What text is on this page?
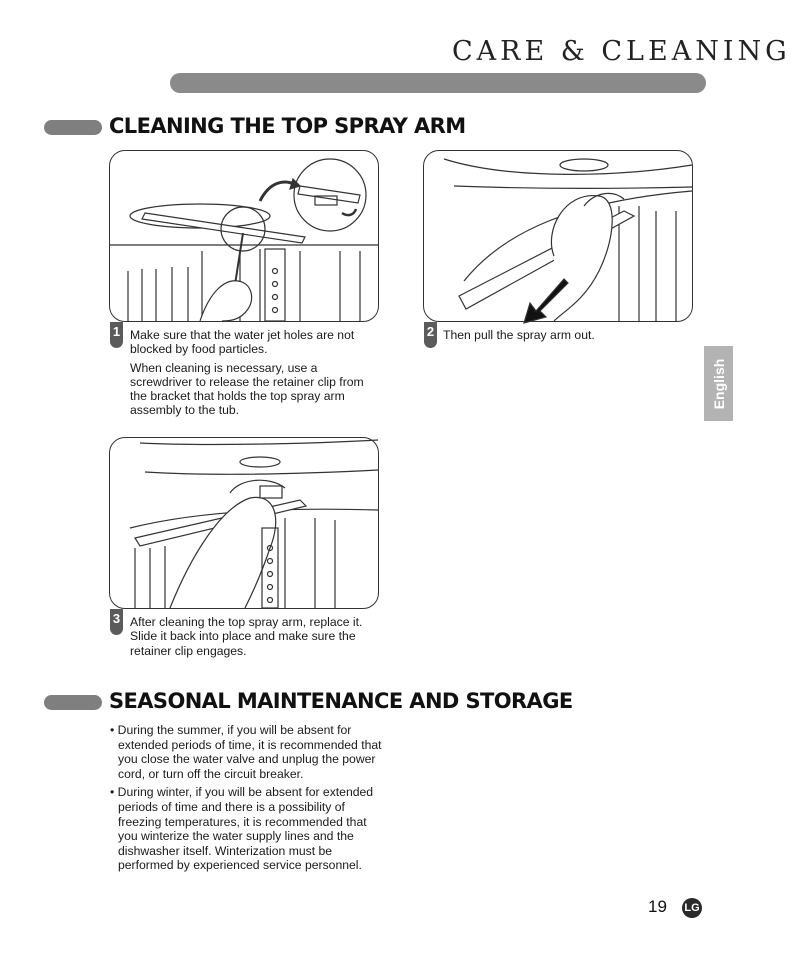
CARE & CLEANING
CLEANING THE TOP SPRAY ARM
1 Make sure that the water jet holes are not blocked by food particles.

When cleaning is necessary, use a screwdriver to release the retainer clip from the bracket that holds the top spray arm assembly to the tub.

2 Then pull the spray arm out.
3 After cleaning the top spray arm, replace it. Slide it back into place and make sure the retainer clip engages.
SEASONAL MAINTENANCE AND STORAGE

• During the summer, if you will be absent for extended periods of time, it is recommended that you close the water valve and unplug the power cord, or turn off the circuit breaker.

• During winter, if you will be absent for extended periods of time and there is a possibility of freezing temperatures, it is recommended that you winterize the water supply lines and the dishwasher itself. Winterization must be performed by experienced service personnel.

English
19 LG
